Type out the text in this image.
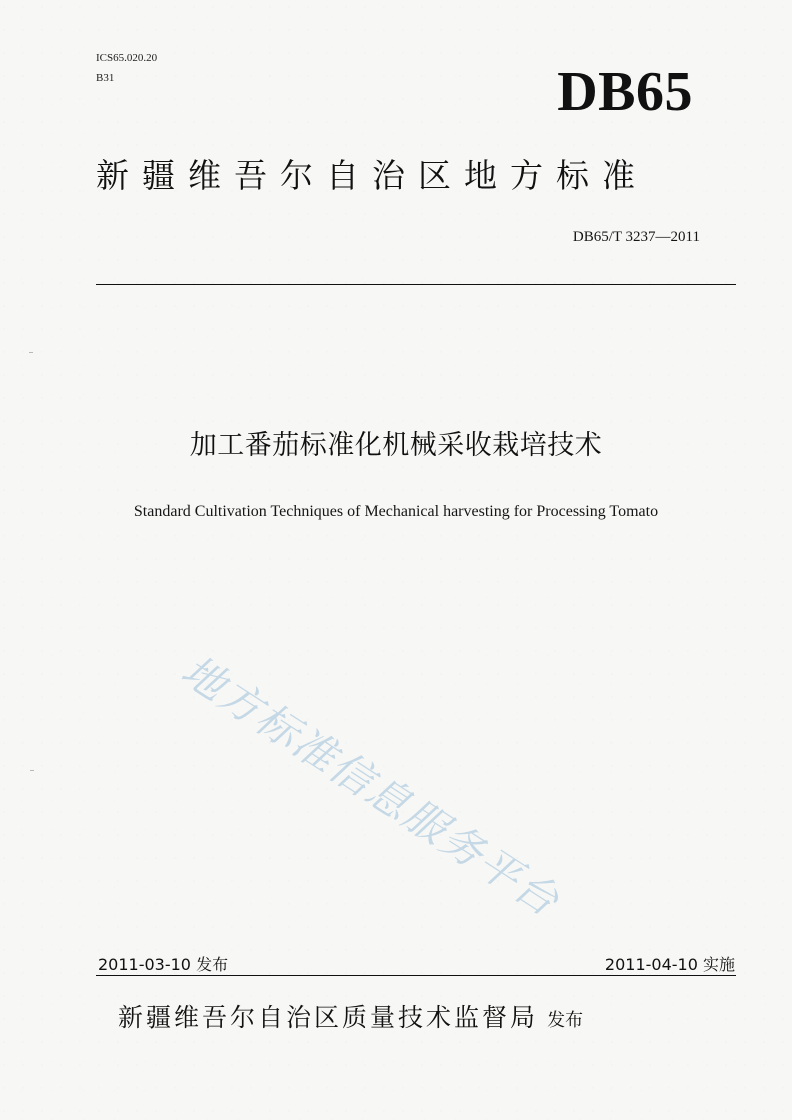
ICS65.020.20
B31	DB65
新疆维吾尔自治区地方标准
DB65/T 3237—2011
加工番茄标准化机械采收栽培技术
Standard Cultivation Techniques of Mechanical harvesting for Processing Tomato
地方标准信息服务平台
2011-03-10 发布	2011-04-10 实施
新疆维吾尔自治区质量技术监督局 发布
